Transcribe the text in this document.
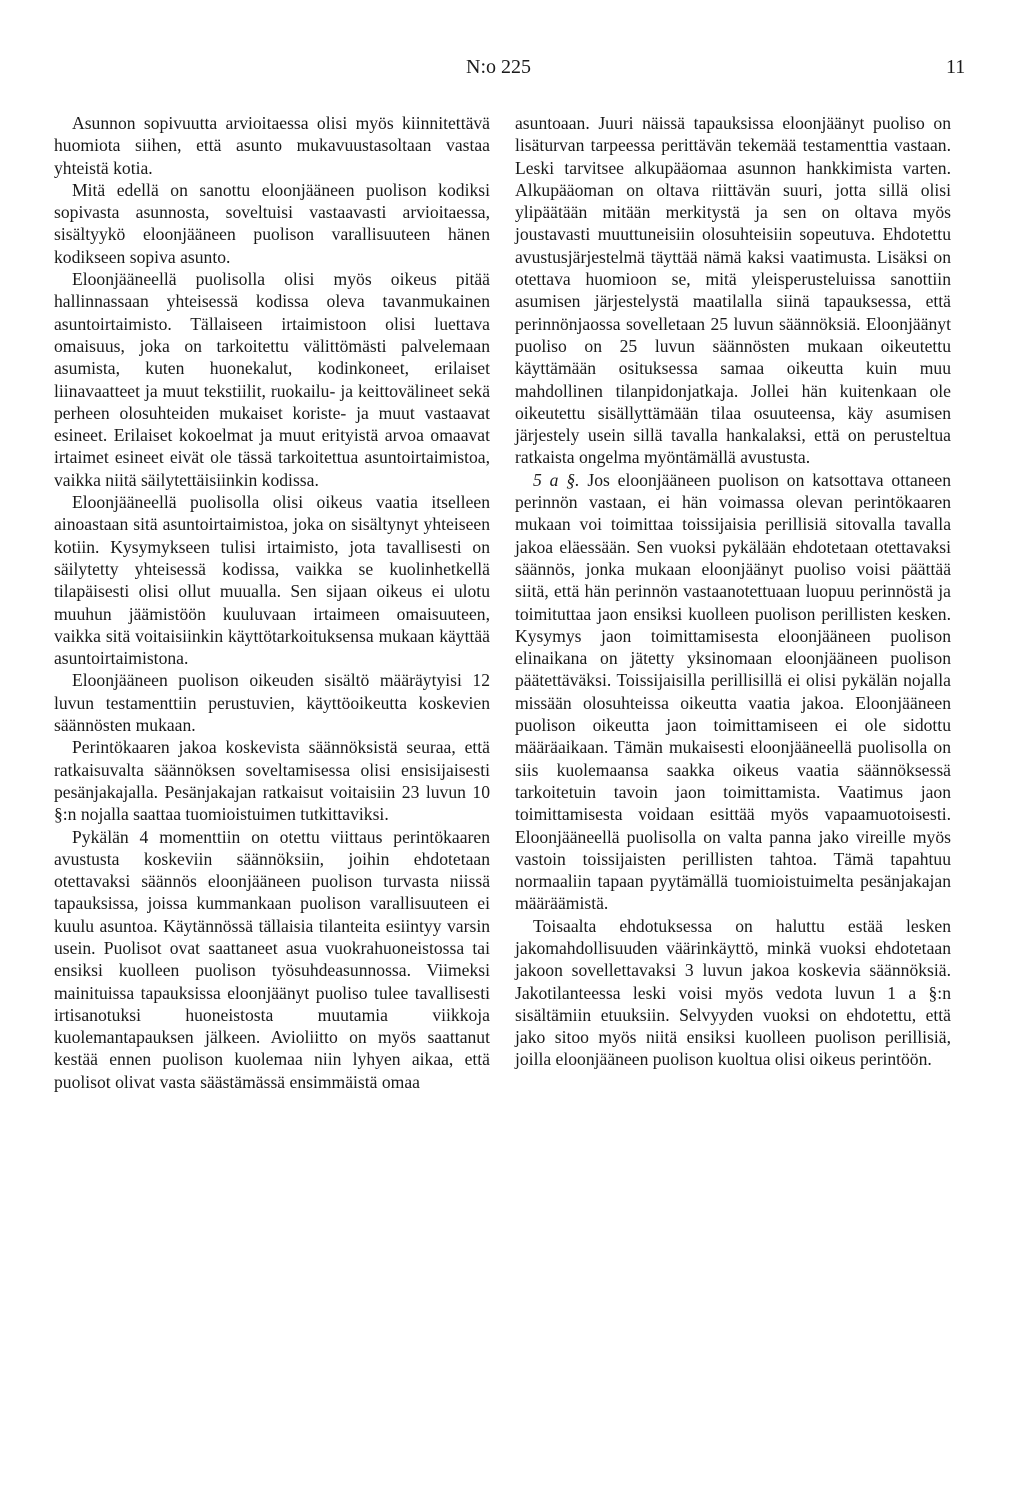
N:o 225	11

Asunnon sopivuutta arvioitaessa olisi myös kiinnitettävä huomiota siihen, että asunto mukavuustasoltaan vastaa yhteistä kotia.

Mitä edellä on sanottu eloonjääneen puolison kodiksi sopivasta asunnosta, soveltuisi vastaavasti arvioitaessa, sisältyykö eloonjääneen puolison varallisuuteen hänen kodikseen sopiva asunto.

Eloonjääneellä puolisolla olisi myös oikeus pitää hallinnassaan yhteisessä kodissa oleva tavanmukainen asuntoirtaimisto. Tällaiseen irtaimistoon olisi luettava omaisuus, joka on tarkoitettu välittömästi palvelemaan asumista, kuten huonekalut, kodinkoneet, erilaiset liinavaatteet ja muut tekstiilit, ruokailu- ja keittovälineet sekä perheen olosuhteiden mukaiset koriste- ja muut vastaavat esineet. Erilaiset kokoelmat ja muut erityistä arvoa omaavat irtaimet esineet eivät ole tässä tarkoitettua asuntoirtaimistoa, vaikka niitä säilytettäisiinkin kodissa.

Eloonjääneellä puolisolla olisi oikeus vaatia itselleen ainoastaan sitä asuntoirtaimistoa, joka on sisältynyt yhteiseen kotiin. Kysymykseen tulisi irtaimisto, jota tavallisesti on säilytetty yhteisessä kodissa, vaikka se kuolinhetkellä tilapäisesti olisi ollut muualla. Sen sijaan oikeus ei ulotu muuhun jäämistöön kuuluvaan irtaimeen omaisuuteen, vaikka sitä voitaisiinkin käyttötarkoituksensa mukaan käyttää asuntoirtaimistona.

Eloonjääneen puolison oikeuden sisältö määräytyisi 12 luvun testamenttiin perustuvien, käyttöoikeutta koskevien säännösten mukaan.

Perintökaaren jakoa koskevista säännöksistä seuraa, että ratkaisuvalta säännöksen soveltamisessa olisi ensisijaisesti pesänjakajalla. Pesänjakajan ratkaisut voitaisiin 23 luvun 10 §:n nojalla saattaa tuomioistuimen tutkittaviksi.

Pykälän 4 momenttiin on otettu viittaus perintökaaren avustusta koskeviin säännöksiin, joihin ehdotetaan otettavaksi säännös eloonjääneen puolison turvasta niissä tapauksissa, joissa kummankaan puolison varallisuuteen ei kuulu asuntoa. Käytännössä tällaisia tilanteita esiintyy varsin usein. Puolisot ovat saattaneet asua vuokrahuoneistossa tai ensiksi kuolleen puolison työsuhdeasunnossa. Viimeksi mainituissa tapauksissa eloonjäänyt puoliso tulee tavallisesti irtisanotuksi huoneistosta muutamia viikkoja kuolemantapauksen jälkeen. Avioliitto on myös saattanut kestää ennen puolison kuolemaa niin lyhyen aikaa, että puolisot olivat vasta säästämässä ensimmäistä omaa

asuntoaan. Juuri näissä tapauksissa eloonjäänyt puoliso on lisäturvan tarpeessa perittävän tekemää testamenttia vastaan. Leski tarvitsee alkupääomaa asunnon hankkimista varten. Alkupääoman on oltava riittävän suuri, jotta sillä olisi ylipäätään mitään merkitystä ja sen on oltava myös joustavasti muuttuneisiin olosuhteisiin sopeutuva. Ehdotettu avustusjärjestelmä täyttää nämä kaksi vaatimusta. Lisäksi on otettava huomioon se, mitä yleisperusteluissa sanottiin asumisen järjestelystä maatilalla siinä tapauksessa, että perinnönjaossa sovelletaan 25 luvun säännöksiä. Eloonjäänyt puoliso on 25 luvun säännösten mukaan oikeutettu käyttämään osituksessa samaa oikeutta kuin muu mahdollinen tilanpidonjatkaja. Jollei hän kuitenkaan ole oikeutettu sisällyttämään tilaa osuuteensa, käy asumisen järjestely usein sillä tavalla hankalaksi, että on perusteltua ratkaista ongelma myöntämällä avustusta.

5 a §. Jos eloonjääneen puolison on katsottava ottaneen perinnön vastaan, ei hän voimassa olevan perintökaaren mukaan voi toimittaa toissijaisia perillisiä sitovalla tavalla jakoa eläessään. Sen vuoksi pykälään ehdotetaan otettavaksi säännös, jonka mukaan eloonjäänyt puoliso voisi päättää siitä, että hän perinnön vastaanotettuaan luopuu perinnöstä ja toimituttaa jaon ensiksi kuolleen puolison perillisten kesken. Kysymys jaon toimittamisesta eloonjääneen puolison elinaikana on jätetty yksinomaan eloonjääneen puolison päätettäväksi. Toissijaisilla perillisillä ei olisi pykälän nojalla missään olosuhteissa oikeutta vaatia jakoa. Eloonjääneen puolison oikeutta jaon toimittamiseen ei ole sidottu määräaikaan. Tämän mukaisesti eloonjääneellä puolisolla on siis kuolemaansa saakka oikeus vaatia säännöksessä tarkoitetuin tavoin jaon toimittamista. Vaatimus jaon toimittamisesta voidaan esittää myös vapaamuotoisesti. Eloonjääneellä puolisolla on valta panna jako vireille myös vastoin toissijaisten perillisten tahtoa. Tämä tapahtuu normaaliin tapaan pyytämällä tuomioistuimelta pesänjakajan määräämistä.

Toisaalta ehdotuksessa on haluttu estää lesken jakomahdollisuuden väärinkäyttö, minkä vuoksi ehdotetaan jakoon sovellettavaksi 3 luvun jakoa koskevia säännöksiä. Jakotilanteessa leski voisi myös vedota luvun 1 a §:n sisältämiin etuuksiin. Selvyyden vuoksi on ehdotettu, että jako sitoo myös niitä ensiksi kuolleen puolison perillisiä, joilla eloonjääneen puolison kuoltua olisi oikeus perintöön.
